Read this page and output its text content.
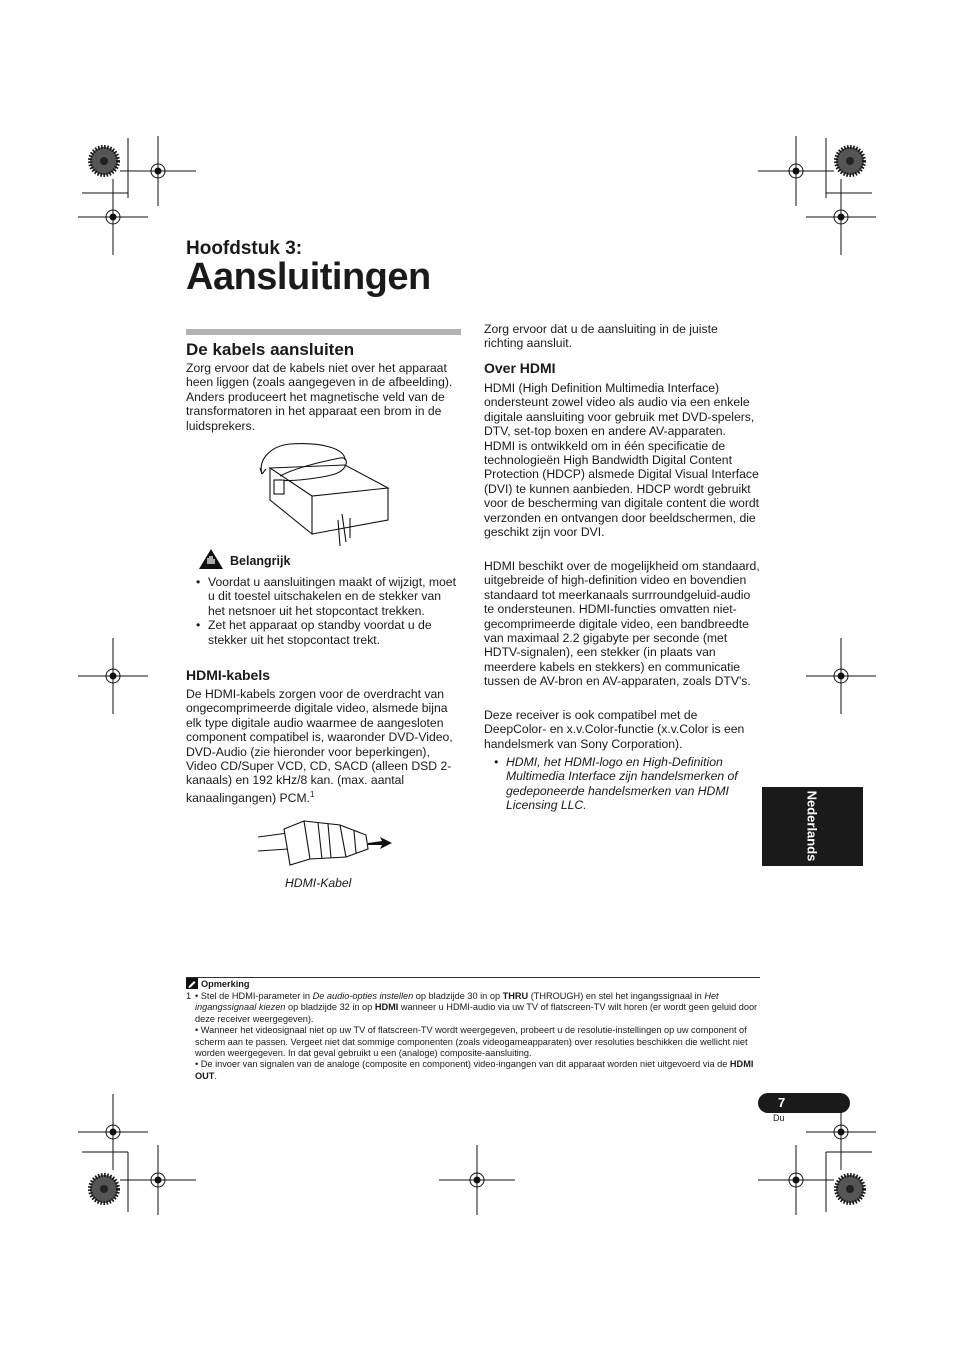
Hoofdstuk 3:
Aansluitingen
De kabels aansluiten

Zorg ervoor dat de kabels niet over het apparaat heen liggen (zoals aangegeven in de afbeelding). Anders produceert het magnetische veld van de transformatoren in het apparaat een brom in de luidsprekers.

Belangrijk
• Voordat u aansluitingen maakt of wijzigt, moet u dit toestel uitschakelen en de stekker van het netsnoer uit het stopcontact trekken.
• Zet het apparaat op standby voordat u de stekker uit het stopcontact trekt.
HDMI-kabels

De HDMI-kabels zorgen voor de overdracht van ongecomprimeerde digitale video, alsmede bijna elk type digitale audio waarmee de aangesloten component compatibel is, waaronder DVD-Video, DVD-Audio (zie hieronder voor beperkingen), Video CD/Super VCD, CD, SACD (alleen DSD 2-kanaals) en 192 kHz/8 kan. (max. aantal kanaalingangen) PCM.$^1$

HDMI-Kabel

Zorg ervoor dat u de aansluiting in de juiste richting aansluit.

Over HDMI

HDMI (High Definition Multimedia Interface) ondersteunt zowel video als audio via een enkele digitale aansluiting voor gebruik met DVD-spelers, DTV, set-top boxen en andere AV-apparaten. HDMI is ontwikkeld om in één specificatie de technologieën High Bandwidth Digital Content Protection (HDCP) alsmede Digital Visual Interface (DVI) te kunnen aanbieden. HDCP wordt gebruikt voor de bescherming van digitale content die wordt verzonden en ontvangen door beeldschermen, die geschikt zijn voor DVI.

HDMI beschikt over de mogelijkheid om standaard, uitgebreide of high-definition video en bovendien standaard tot meerkanaals surrroundgeluid-audio te ondersteunen. HDMI-functies omvatten niet-gecomprimeerde digitale video, een bandbreedte van maximaal 2.2 gigabyte per seconde (met HDTV-signalen), een stekker (in plaats van meerdere kabels en stekkers) en communicatie tussen de AV-bron en AV-apparaten, zoals DTV's.

Deze receiver is ook compatibel met de DeepColor- en x.v.Color-functie (x.v.Color is een handelsmerk van Sony Corporation).

• HDMI, het HDMI-logo en High-Definition Multimedia Interface zijn handelsmerken of gedeponeerde handelsmerken van HDMI Licensing LLC.	Nederlands
Opmerking

1 • Stel de HDMI-parameter in De audio-opties instellen op bladzijde 30 in op THRU (THROUGH) en stel het ingangssignaal in Het ingangssignaal kiezen op bladzijde 32 in op HDMI wanneer u HDMI-audio via uw TV of flatscreen-TV wilt horen (er wordt geen geluid door deze receiver weergegeven).

• Wanneer het videosignaal niet op uw TV of flatscreen-TV wordt weergegeven, probeert u de resolutie-instellingen op uw component of scherm aan te passen. Vergeet niet dat sommige componenten (zoals videogameapparaten) over resoluties beschikken die wellicht niet worden weergegeven. In dat geval gebruikt u een (analoge) composite-aansluiting.

• De invoer van signalen van de analoge (composite en component) video-ingangen van dit apparaat worden niet uitgevoerd via de HDMI OUT.

7
Du
